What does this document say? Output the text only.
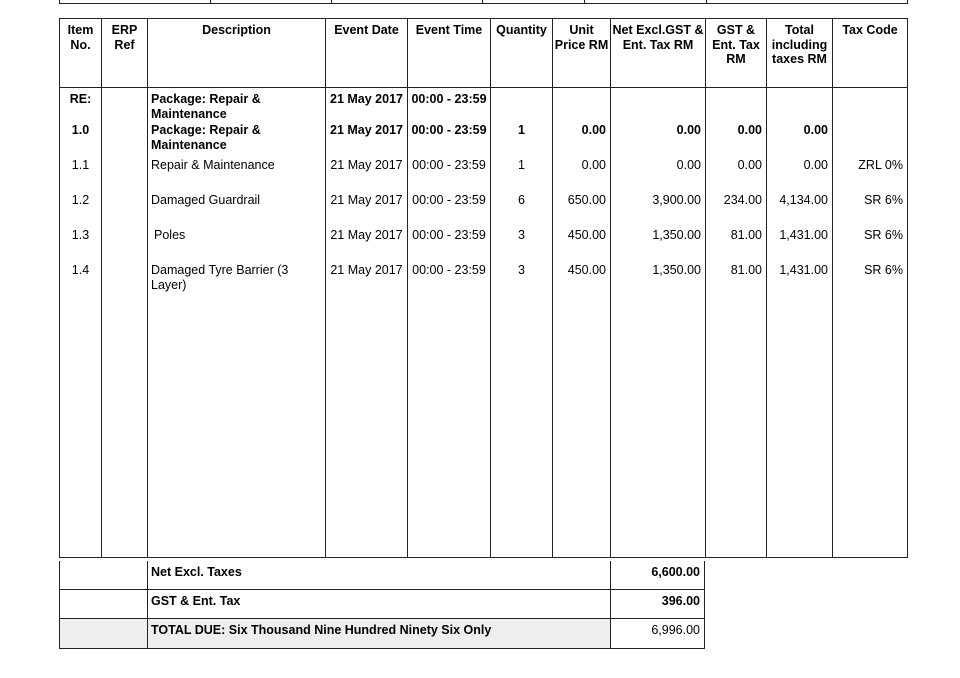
Item No.	ERP Ref	Description	Event Date	Event Time	Quantity	Unit Price RM	Net Excl.GST & Ent. Tax RM	GST & Ent. Tax RM	Total including taxes RM	Tax Code
RE:		Package: Repair & Maintenance	21 May 2017	00:00 - 23:59						
1.0		Package: Repair & Maintenance	21 May 2017	00:00 - 23:59	1	0.00	0.00	0.00	0.00	
1.1		Repair & Maintenance	21 May 2017	00:00 - 23:59	1	0.00	0.00	0.00	0.00	ZRL 0%
1.2		Damaged Guardrail	21 May 2017	00:00 - 23:59	6	650.00	3,900.00	234.00	4,134.00	SR 6%
1.3		Poles	21 May 2017	00:00 - 23:59	3	450.00	1,350.00	81.00	1,431.00	SR 6%
1.4		Damaged Tyre Barrier (3 Layer)	21 May 2017	00:00 - 23:59	3	450.00	1,350.00	81.00	1,431.00	SR 6%

Net Excl. Taxes	6,600.00
GST & Ent. Tax	396.00
TOTAL DUE: Six Thousand Nine Hundred Ninety Six Only	6,996.00
